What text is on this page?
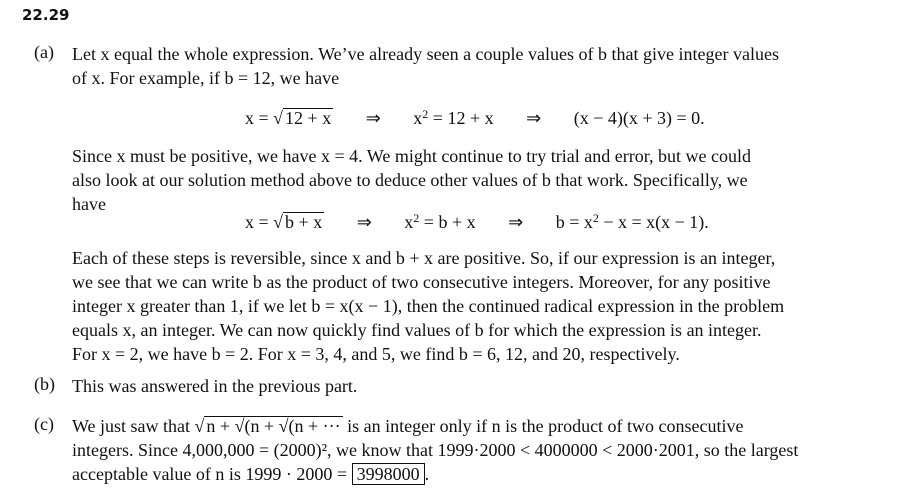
22.29
(a) Let x equal the whole expression. We’ve already seen a couple values of b that give integer values
of x. For example, if b = 12, we have
x = √ 12 + x ⇒ $x^2 = 12 + x$ ⇒ (x − 4)(x + 3) = 0.
Since x must be positive, we have x = 4. We might continue to try trial and error, but we could
also look at our solution method above to deduce other values of b that work. Specifically, we
have
x = √ b + x ⇒ $x^2 = b + x$ ⇒ $b = x^2 - x = x(x - 1)$.
Each of these steps is reversible, since x and b + x are positive. So, if our expression is an integer,
we see that we can write b as the product of two consecutive integers. Moreover, for any positive
integer x greater than 1, if we let b = x(x − 1), then the continued radical expression in the problem
equals x, an integer. We can now quickly find values of b for which the expression is an integer.
For x = 2, we have b = 2. For x = 3, 4, and 5, we find b = 6, 12, and 20, respectively.
(b) This was answered in the previous part.
(c) We just saw that √ n + √(n + √(n + ··· is an integer only if n is the product of two consecutive
integers. Since 4,000,000 = (2000)², we know that 1999·2000 < 4000000 < 2000·2001, so the largest
acceptable value of n is 1999 · 2000 = 3998000 .
